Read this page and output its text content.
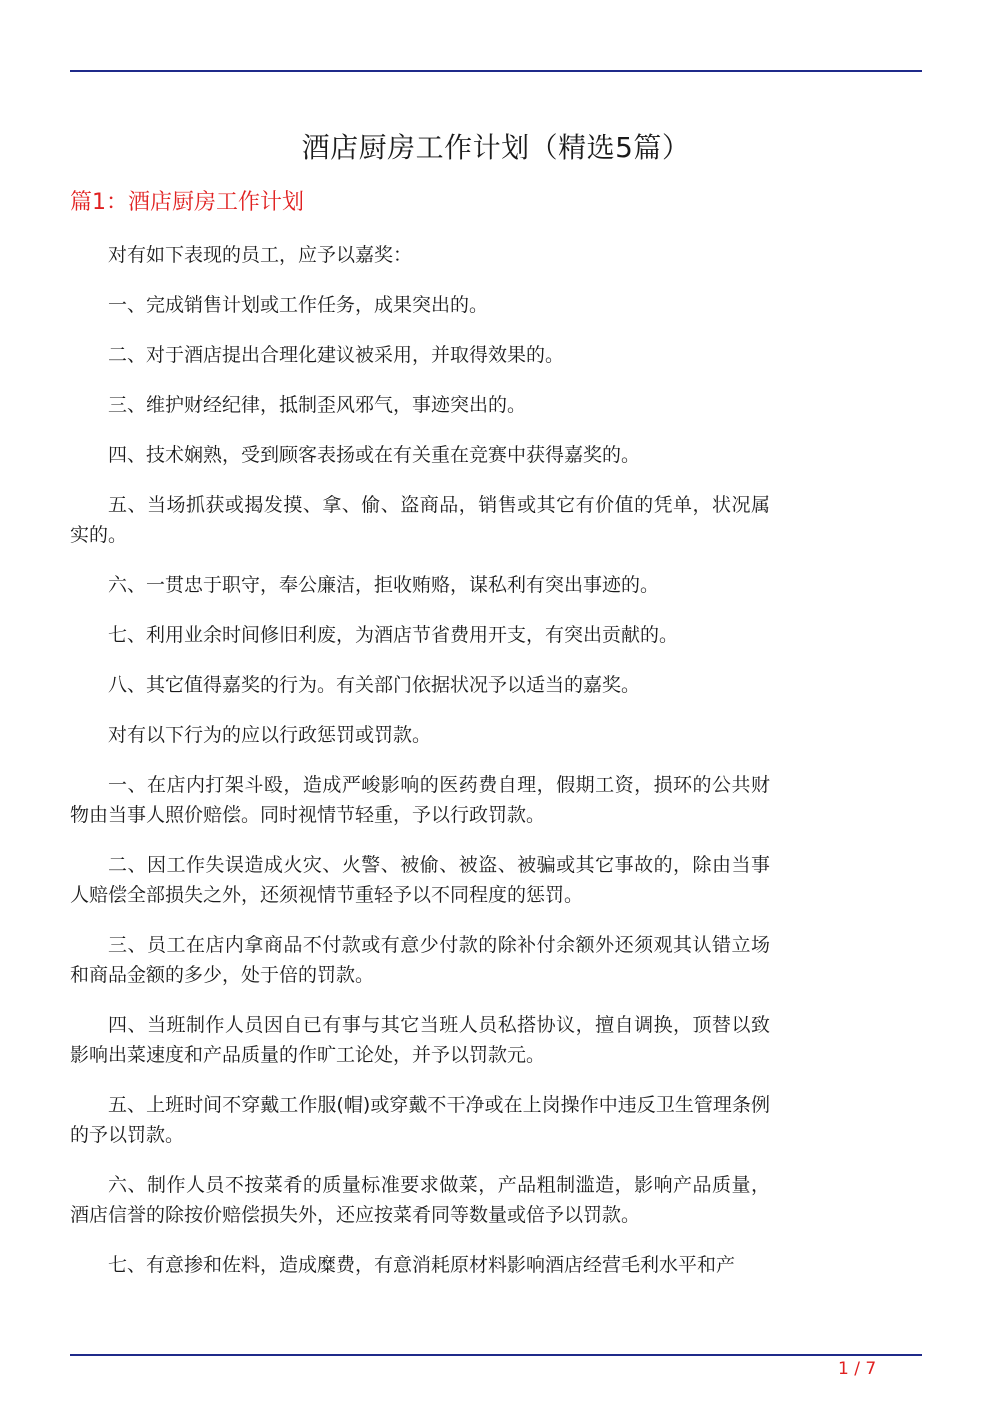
酒店厨房工作计划（精选5篇）
篇1：酒店厨房工作计划

对有如下表现的员工，应予以嘉奖：

一、完成销售计划或工作任务，成果突出的。

二、对于酒店提出合理化建议被采用，并取得效果的。

三、维护财经纪律，抵制歪风邪气，事迹突出的。

四、技术娴熟，受到顾客表扬或在有关重在竞赛中获得嘉奖的。

五、当场抓获或揭发摸、拿、偷、盗商品，销售或其它有价值的凭单，状况属实的。

六、一贯忠于职守，奉公廉洁，拒收贿赂，谋私利有突出事迹的。

七、利用业余时间修旧利废，为酒店节省费用开支，有突出贡献的。

八、其它值得嘉奖的行为。有关部门依据状况予以适当的嘉奖。

对有以下行为的应以行政惩罚或罚款。

一、在店内打架斗殴，造成严峻影响的医药费自理，假期工资，损环的公共财物由当事人照价赔偿。同时视情节轻重，予以行政罚款。

二、因工作失误造成火灾、火警、被偷、被盗、被骗或其它事故的，除由当事人赔偿全部损失之外，还须视情节重轻予以不同程度的惩罚。

三、员工在店内拿商品不付款或有意少付款的除补付余额外还须观其认错立场和商品金额的多少，处于倍的罚款。

四、当班制作人员因自已有事与其它当班人员私搭协议，擅自调换，顶替以致影响出菜速度和产品质量的作旷工论处，并予以罚款元。

五、上班时间不穿戴工作服(帽)或穿戴不干净或在上岗操作中违反卫生管理条例的予以罚款。

六、制作人员不按菜肴的质量标准要求做菜，产品粗制滥造，影响产品质量，酒店信誉的除按价赔偿损失外，还应按菜肴同等数量或倍予以罚款。

七、有意掺和佐料，造成糜费，有意消耗原材料影响酒店经营毛利水平和产

1 / 7
